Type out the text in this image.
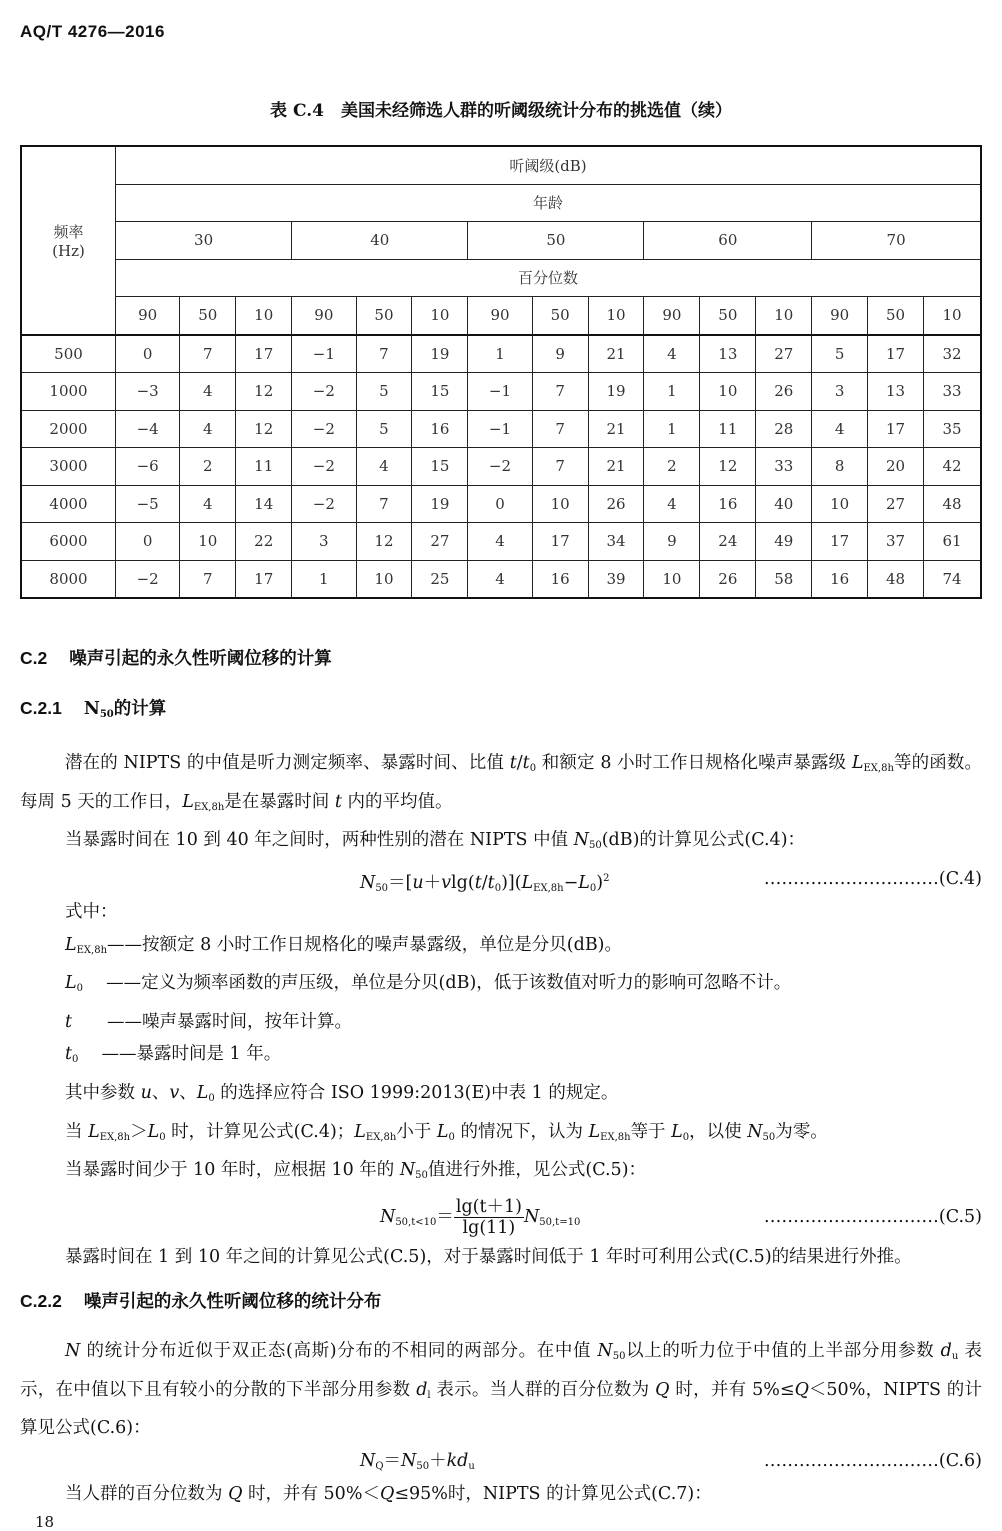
AQ/T 4276—2016
表 C.4　美国未经筛选人群的听阈级统计分布的挑选值（续）
频率
(Hz)	听阈级(dB)														
	年龄														
	30			40			50			60			70		
	百分位数														
	90	50	10	90	50	10	90	50	10	90	50	10	90	50	10
500	0	7	17	−1	7	19	1	9	21	4	13	27	5	17	32
1000	−3	4	12	−2	5	15	−1	7	19	1	10	26	3	13	33
2000	−4	4	12	−2	5	16	−1	7	21	1	11	28	4	17	35
3000	−6	2	11	−2	4	15	−2	7	21	2	12	33	8	20	42
4000	−5	4	14	−2	7	19	0	10	26	4	16	40	10	27	48
6000	0	10	22	3	12	27	4	17	34	9	24	49	17	37	61
8000	−2	7	17	1	10	25	4	16	39	10	26	58	16	48	74
C.2 噪声引起的永久性听阈位移的计算
C.2.1 $N_{50}$的计算

潜在的 NIPTS 的中值是听力测定频率、暴露时间、比值 $t/t_0$ 和额定 8 小时工作日规格化噪声暴露级 $L_{EX,8h}$等的函数。每周 5 天的工作日，$L_{EX,8h}$是在暴露时间 t 内的平均值。

当暴露时间在 10 到 40 年之间时，两种性别的潜在 NIPTS 中值 $N_{50}(dB)$的计算见公式(C.4)：

$N_{50}=[u+vlg(t/t_0)](L_{EX,8h}-L_0)^2$	…………………………(C.4)

式中：

$L_{EX,8h}——$按额定 8 小时工作日规格化的噪声暴露级，单位是分贝(dB)。

$L_0$　 ——定义为频率函数的声压级，单位是分贝(dB)，低于该数值对听力的影响可忽略不计。

t　　——噪声暴露时间，按年计算。

$t_0$　 ——暴露时间是 1 年。

其中参数 u、v、$L_0$ 的选择应符合 ISO 1999:2013(E)中表 1 的规定。

当 $L_{EX,8h}>L_0$ 时，计算见公式(C.4)；$L_{EX,8h}$小于 $L_0$ 的情况下，认为 $L_{EX,8h}$等于 $L_0$，以使 $N_{50}$为零。

当暴露时间少于 10 年时，应根据 10 年的 $N_{50}$值进行外推，见公式(C.5)：

$N_{50,t<10}= \frac{\lg(t+1)}{\lg(11)} N_{50,t=10}$	…………………………(C.5)

暴露时间在 1 到 10 年之间的计算见公式(C.5)，对于暴露时间低于 1 年时可利用公式(C.5)的结果进行外推。

C.2.2 噪声引起的永久性听阈位移的统计分布

N 的统计分布近似于双正态(高斯)分布的不相同的两部分。在中值 $N_{50}$以上的听力位于中值的上半部分用参数 $d_u$ 表示，在中值以下且有较小的分散的下半部分用参数 $d_l$ 表示。当人群的百分位数为 Q 时，并有 5%≤Q＜50%，NIPTS 的计算见公式(C.6)：

$N_Q=N_{50}+kd_u$	…………………………(C.6)

当人群的百分位数为 Q 时，并有 50%＜Q≤95%时，NIPTS 的计算见公式(C.7)：

18
